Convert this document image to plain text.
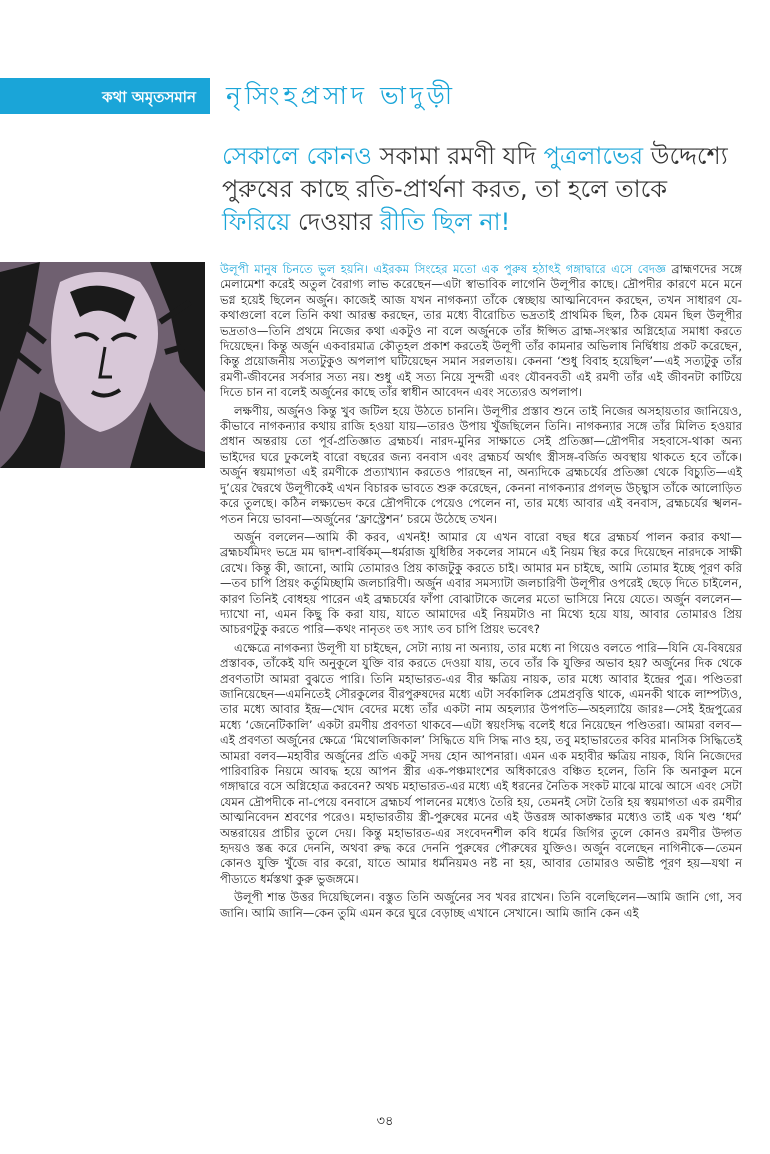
কথা অমৃতসমান নৃসিংহপ্রসাদ ভাদুড়ী
সেকালে কোনও সকামা রমণী যদি পুত্রলাভের উদ্দেশ্যে পুরুষের কাছে রতি-প্রার্থনা করত, তা হলে তাকে ফিরিয়ে দেওয়ার রীতি ছিল না!

উলূপী মানুষ চিনতে ভুল হয়নি। এইরকম সিংহের মতো এক পুরুষ হঠাৎই গঙ্গাদ্বারে এসে বেদজ্ঞ ব্রাহ্মণদের সঙ্গে মেলামেশা করেই অতুল বৈরাগ্য লাভ করেছেন—এটা স্বাভাবিক লাগেনি উলূপীর কাছে। দ্রৌপদীর কারণে মনে মনে ভগ্ন হয়েই ছিলেন অর্জুন। কাজেই আজ যখন নাগকন্যা তাঁকে স্বেচ্ছায় আত্মনিবেদন করছেন, তখন সাধারণ যে-কথাগুলো বলে তিনি কথা আরম্ভ করছেন, তার মধ্যে বীরোচিত ভদ্রতাই প্রাথমিক ছিল, ঠিক যেমন ছিল উলূপীর ভদ্রতাও—তিনি প্রথমে নিজের কথা একটুও না বলে অর্জুনকে তাঁর ঈপ্সিত ব্রাহ্ম-সংস্কার অগ্নিহোত্র সমাধা করতে দিয়েছেন। কিন্তু অর্জুন একবারমাত্র কৌতূহল প্রকাশ করতেই উলূপী তাঁর কামনার অভিলাষ নির্দ্বিধায় প্রকট করেছেন, কিন্তু প্রয়োজনীয় সত্যটুকুও অপলাপ ঘটিয়েছেন সমান সরলতায়। কেননা ‘শুধু বিবাহ হয়েছিল’—এই সত্যটুকু তাঁর রমণী-জীবনের সর্বসার সত্য নয়। শুধু এই সত্য নিয়ে সুন্দরী এবং যৌবনবতী এই রমণী তাঁর এই জীবনটা কাটিয়ে দিতে চান না বলেই অর্জুনের কাছে তাঁর স্বাধীন আবেদন এবং সত্যেরও অপলাপ।

লক্ষণীয়, অর্জুনও কিন্তু খুব জটিল হয়ে উঠতে চাননি। উলূপীর প্রস্তাব শুনে তাই নিজের অসহায়তার জানিয়েও, কীভাবে নাগকন্যার কথায় রাজি হওয়া যায়—তারও উপায় খুঁজছিলেন তিনি। নাগকন্যার সঙ্গে তাঁর মিলিত হওয়ার প্রধান অন্তরায় তো পূর্ব-প্রতিজ্ঞাত ব্রহ্মচর্য। নারদ-মুনির সাক্ষাতে সেই প্রতিজ্ঞা—দ্রৌপদীর সহবাসে-থাকা অন্য ভাইদের ঘরে ঢুকলেই বারো বছরের জন্য বনবাস এবং ব্রহ্মচর্য অর্থাৎ স্ত্রীসঙ্গ-বর্জিত অবস্থায় থাকতে হবে তাঁকে। অর্জুন স্বয়মাগতা এই রমণীকে প্রত্যাখ্যান করতেও পারছেন না, অন্যদিকে ব্রহ্মচর্যের প্রতিজ্ঞা থেকে বিচ্যুতি—এই দু’য়ের দ্বৈরথে উলূপীকেই এখন বিচারক ভাবতে শুরু করেছেন, কেননা নাগকন্যার প্রগল্ভ উচ্ছ্বাস তাঁকে আলোড়িত করে তুলছে। কঠিন লক্ষ্যভেদ করে দ্রৌপদীকে পেয়েও পেলেন না, তার মধ্যে আবার এই বনবাস, ব্রহ্মচর্যের স্খলন-পতন নিয়ে ভাবনা—অর্জুনের ‘ফ্রাস্ট্রেশন’ চরমে উঠেছে তখন।

অর্জুন বললেন—আমি কী করব, এখনই! আমার যে এখন বারো বছর ধরে ব্রহ্মচর্য পালন করার কথা—ব্রহ্মচর্যমিদং ভদ্রে মম দ্বাদশ-বার্ষিকম্—ধর্মরাজ যুধিষ্ঠির সকলের সামনে এই নিয়ম স্থির করে দিয়েছেন নারদকে সাক্ষী রেখে। কিন্তু কী, জানো, আমি তোমারও প্রিয় কাজটুকু করতে চাই। আমার মন চাইছে, আমি তোমার ইচ্ছে পূরণ করি—তব চাপি প্রিয়ং কর্তুমিচ্ছামি জলচারিণী। অর্জুন এবার সমস্যাটা জলচারিণী উলূপীর ওপরেই ছেড়ে দিতে চাইলেন, কারণ তিনিই বোধহয় পারেন এই ব্রহ্মচর্যের ফাঁপা বোঝাটাকে জলের মতো ভাসিয়ে নিয়ে যেতে। অর্জুন বললেন—দ্যাখো না, এমন কিছু কি করা যায়, যাতে আমাদের এই নিয়মটাও না মিথ্যে হয়ে যায়, আবার তোমারও প্রিয় আচরণটুকু করতে পারি—কথং নানৃতং তৎ স্যাৎ তব চাপি প্রিয়ং ভবেৎ?

এক্ষেত্রে নাগকন্যা উলূপী যা চাইছেন, সেটা ন্যায় না অন্যায়, তার মধ্যে না গিয়েও বলতে পারি—যিনি যে-বিষয়ের প্রস্তাবক, তাঁকেই যদি অনুকূলে যুক্তি বার করতে দেওয়া যায়, তবে তাঁর কি যুক্তির অভাব হয়? অর্জুনের দিক থেকে প্রবণতাটা আমরা বুঝতে পারি। তিনি মহাভারত-এর বীর ক্ষত্রিয় নায়ক, তার মধ্যে আবার ইন্দ্রের পুত্র। পণ্ডিতরা জানিয়েছেন—এমনিতেই সৌরকুলের বীরপুরুষদের মধ্যে এটা সর্বকালিক প্রেমপ্রবৃত্তি থাকে, এমনকী থাকে লাম্পট্যও, তার মধ্যে আবার ইন্দ্র—খোদ বেদের মধ্যে তাঁর একটা নাম অহল্যার উপপতি—অহল্যায়ৈ জারঃ—সেই ইন্দ্রপুত্রের মধ্যে ‘জেনেটিকালি’ একটা রমণীয় প্রবণতা থাকবে—এটা স্বয়ংসিদ্ধ বলেই ধরে নিয়েছেন পণ্ডিতরা। আমরা বলব—এই প্রবণতা অর্জুনের ক্ষেত্রে ‘মিথোলজিকাল’ সিদ্ধিতে যদি সিদ্ধ নাও হয়, তবু মহাভারতের কবির মানসিক সিদ্ধিতেই আমরা বলব—মহাবীর অর্জুনের প্রতি একটু সদয় হোন আপনারা। এমন এক মহাবীর ক্ষত্রিয় নায়ক, যিনি নিজেদের পারিবারিক নিয়মে আবদ্ধ হয়ে আপন স্ত্রীর এক-পঞ্চমাংশের অধিকারেও বঞ্চিত হলেন, তিনি কি অনাকুল মনে গঙ্গাদ্বারে বসে অগ্নিহোত্র করবেন? অথচ মহাভারত-এর মধ্যে এই ধরনের নৈতিক সংকট মাঝে মাঝে আসে এবং সেটা যেমন দ্রৌপদীকে না-পেয়ে বনবাসে ব্রহ্মচর্য পালনের মধ্যেও তৈরি হয়, তেমনই সেটা তৈরি হয় স্বয়মাগতা এক রমণীর আত্মনিবেদন শ্রবণের পরেও। মহাভারতীয় স্ত্রী-পুরুষের মনের এই উত্তরঙ্গ আকাঙ্ক্ষার মধ্যেও তাই এক খণ্ড ‘ধর্ম’ অন্তরায়ের প্রাচীর তুলে দেয়। কিন্তু মহাভারত-এর সংবেদনশীল কবি ধর্মের জিগির তুলে কোনও রমণীর উদ্গত হৃদয়ও স্তব্ধ করে দেননি, অথবা রুদ্ধ করে দেননি পুরুষের পৌরুষের যুক্তিও। অর্জুন বলেছেন নাগিনীকে—তেমন কোনও যুক্তি খুঁজে বার করো, যাতে আমার ধর্মনিয়মও নষ্ট না হয়, আবার তোমারও অভীষ্ট পূরণ হয়—যথা ন পীড্যতে ধর্মস্তথা কুরু ভুজঙ্গমে।

উলূপী শান্ত উত্তর দিয়েছিলেন। বস্তুত তিনি অর্জুনের সব খবর রাখেন। তিনি বলেছিলেন—আমি জানি গো, সব জানি। আমি জানি—কেন তুমি এমন করে ঘুরে বেড়াচ্ছ এখানে সেখানে। আমি জানি কেন এই

৩৪
